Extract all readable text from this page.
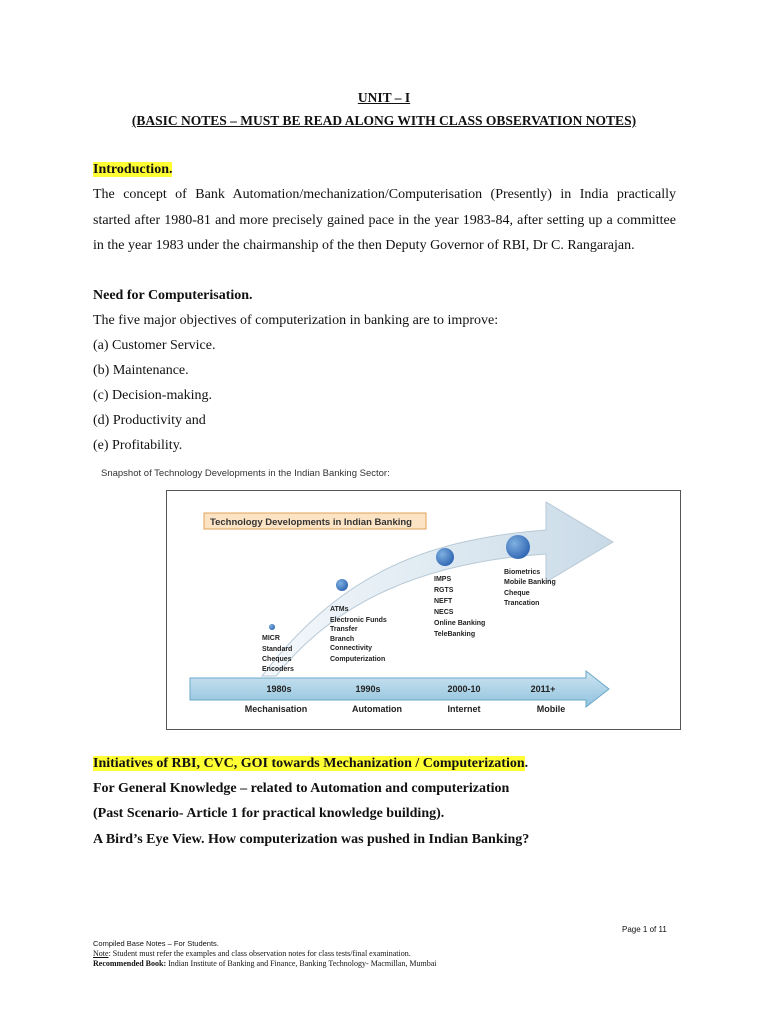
UNIT – I
(BASIC NOTES – MUST BE READ ALONG WITH CLASS OBSERVATION NOTES)
Introduction.
The concept of Bank Automation/mechanization/Computerisation (Presently) in India practically started after 1980-81 and more precisely gained pace in the year 1983-84, after setting up a committee in the year 1983 under the chairmanship of the then Deputy Governor of RBI, Dr C. Rangarajan.
Need for Computerisation.
The five major objectives of computerization in banking are to improve:
(a) Customer Service.
(b) Maintenance.
(c) Decision-making.
(d) Productivity and
(e) Profitability.
Snapshot of Technology Developments in the Indian Banking Sector:
Technology Developments in Indian Banking
MICR
Standard
Cheques
Encoders
ATMs
Electronic Funds
Transfer
Branch
Connectivity
Computerization
IMPS
RGTS
NEFT
NECS
Online Banking
TeleBanking
Biometrics
Mobile Banking
Cheque
Trancation
1980s	1990s	2000-10	2011+
Mechanisation	Automation	Internet	Mobile
Initiatives of RBI, CVC, GOI towards Mechanization / Computerization.
For General Knowledge – related to Automation and computerization
(Past Scenario- Article 1 for practical knowledge building).
A Bird’s Eye View. How computerization was pushed in Indian Banking?
Page 1 of 11
Compiled Base Notes – For Students.
Note: Student must refer the examples and class observation notes for class tests/final examination.
Recommended Book: Indian Institute of Banking and Finance, Banking Technology- Macmillan, Mumbai
